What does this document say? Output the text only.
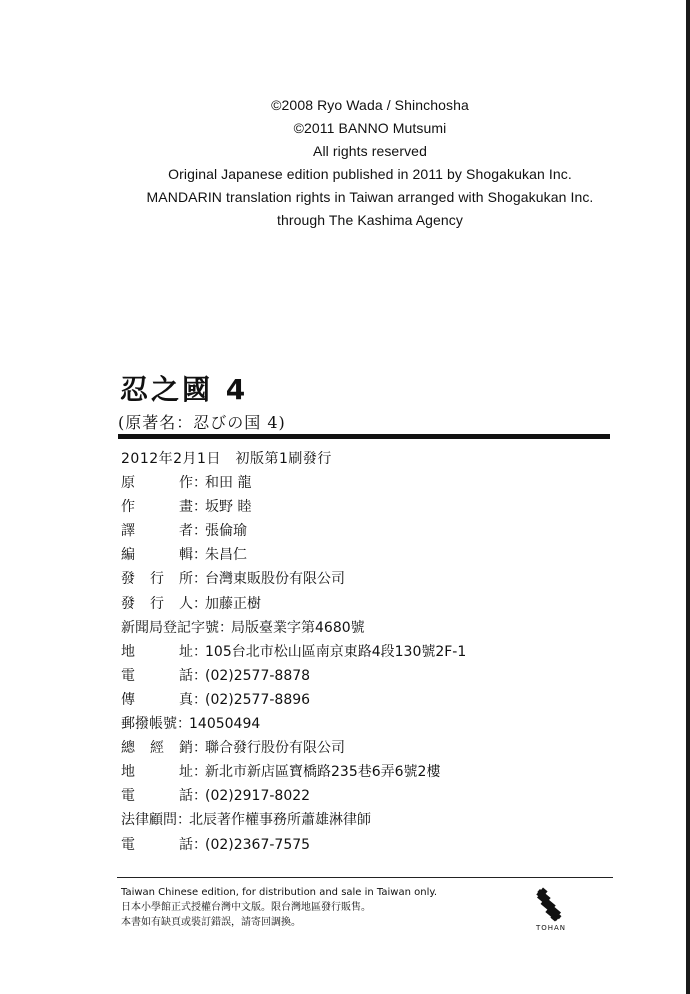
©2008 Ryo Wada / Shinchosha
©2011 BANNO Mutsumi
All rights reserved
Original Japanese edition published in 2011 by Shogakukan Inc.
MANDARIN translation rights in Taiwan arranged with Shogakukan Inc.
through The Kashima Agency
忍之國 4
(原著名：忍びの国 4)
2012年2月1日　初版第1刷發行
原作 ：
和田 龍
作畫 ：
坂野 睦
譯者 ：
張倫瑜
編輯 ：
朱昌仁
發行所 ：
台灣東販股份有限公司
發行人 ：
加藤正樹
新聞局登記字號 ：
局版臺業字第4680號
地址 ：
105台北市松山區南京東路4段130號2F-1
電話 ：
(02)2577-8878
傳真 ：
(02)2577-8896
郵撥帳號 ：
14050494
總經銷 ：
聯合發行股份有限公司
地址 ：
新北市新店區寶橋路235巷6弄6號2樓
電話 ：
(02)2917-8022
法律顧問 ：
北辰著作權事務所蕭雄淋律師
電話 ：
(02)2367-7575
Taiwan Chinese edition, for distribution and sale in Taiwan only.
日本小學館正式授權台灣中文版。限台灣地區發行販售。
本書如有缺頁或裝訂錯誤，請寄回調換。	TOHAN
